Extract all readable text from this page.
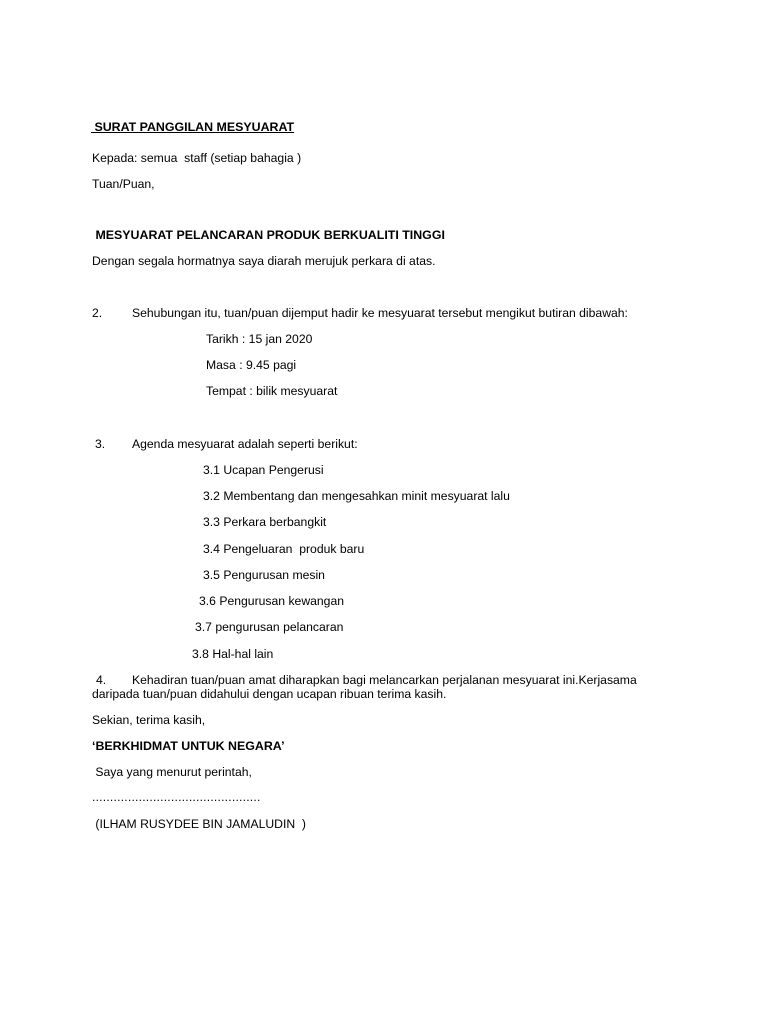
SURAT PANGGILAN MESYUARAT

Kepada: semua  staff (setiap bahagia )

Tuan/Puan,

MESYUARAT PELANCARAN PRODUK BERKUALITI TINGGI

Dengan segala hormatnya saya diarah merujuk perkara di atas.

2. Sehubungan itu, tuan/puan dijemput hadir ke mesyuarat tersebut mengikut butiran dibawah:

Tarikh : 15 jan 2020

Masa : 9.45 pagi

Tempat : bilik mesyuarat

3. Agenda mesyuarat adalah seperti berikut:

3.1 Ucapan Pengerusi

3.2 Membentang dan mengesahkan minit mesyuarat lalu

3.3 Perkara berbangkit

3.4 Pengeluaran  produk baru

3.5 Pengurusan mesin

3.6 Pengurusan kewangan

3.7 pengurusan pelancaran

3.8 Hal-hal lain

4. Kehadiran tuan/puan amat diharapkan bagi melancarkan perjalanan mesyuarat ini.Kerjasama

daripada tuan/puan didahului dengan ucapan ribuan terima kasih.

Sekian, terima kasih,

‘BERKHIDMAT UNTUK NEGARA’

Saya yang menurut perintah,

...............................................

(ILHAM RUSYDEE BIN JAMALUDIN  )
